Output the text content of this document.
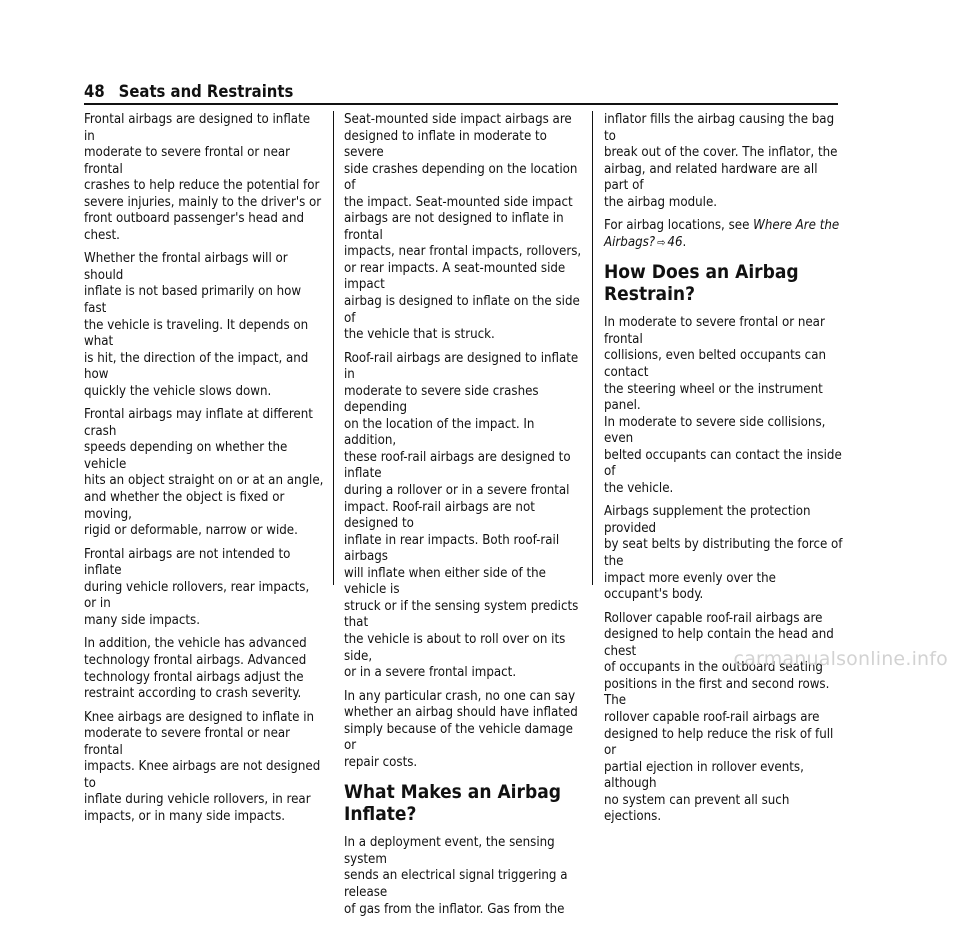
48 Seats and Restraints

Frontal airbags are designed to inflate in
moderate to severe frontal or near frontal
crashes to help reduce the potential for
severe injuries, mainly to the driver's or
front outboard passenger's head and chest.

Whether the frontal airbags will or should
inflate is not based primarily on how fast
the vehicle is traveling. It depends on what
is hit, the direction of the impact, and how
quickly the vehicle slows down.

Frontal airbags may inflate at different crash
speeds depending on whether the vehicle
hits an object straight on or at an angle,
and whether the object is fixed or moving,
rigid or deformable, narrow or wide.

Frontal airbags are not intended to inflate
during vehicle rollovers, rear impacts, or in
many side impacts.

In addition, the vehicle has advanced
technology frontal airbags. Advanced
technology frontal airbags adjust the
restraint according to crash severity.

Knee airbags are designed to inflate in
moderate to severe frontal or near frontal
impacts. Knee airbags are not designed to
inflate during vehicle rollovers, in rear
impacts, or in many side impacts.

Seat-mounted side impact airbags are
designed to inflate in moderate to severe
side crashes depending on the location of
the impact. Seat-mounted side impact
airbags are not designed to inflate in frontal
impacts, near frontal impacts, rollovers,
or rear impacts. A seat-mounted side impact
airbag is designed to inflate on the side of
the vehicle that is struck.

Roof-rail airbags are designed to inflate in
moderate to severe side crashes depending
on the location of the impact. In addition,
these roof-rail airbags are designed to inflate
during a rollover or in a severe frontal
impact. Roof-rail airbags are not designed to
inflate in rear impacts. Both roof-rail airbags
will inflate when either side of the vehicle is
struck or if the sensing system predicts that
the vehicle is about to roll over on its side,
or in a severe frontal impact.

In any particular crash, no one can say
whether an airbag should have inflated
simply because of the vehicle damage or
repair costs.

What Makes an Airbag Inflate?

In a deployment event, the sensing system
sends an electrical signal triggering a release
of gas from the inflator. Gas from the

inflator fills the airbag causing the bag to
break out of the cover. The inflator, the
airbag, and related hardware are all part of
the airbag module.

For airbag locations, see Where Are the
Airbags? ⇨ 46.

How Does an Airbag Restrain?

In moderate to severe frontal or near frontal
collisions, even belted occupants can contact
the steering wheel or the instrument panel.
In moderate to severe side collisions, even
belted occupants can contact the inside of
the vehicle.

Airbags supplement the protection provided
by seat belts by distributing the force of the
impact more evenly over the
occupant's body.

Rollover capable roof-rail airbags are
designed to help contain the head and chest
of occupants in the outboard seating
positions in the first and second rows. The
rollover capable roof-rail airbags are
designed to help reduce the risk of full or
partial ejection in rollover events, although
no system can prevent all such ejections.

carmanualsonline.info
